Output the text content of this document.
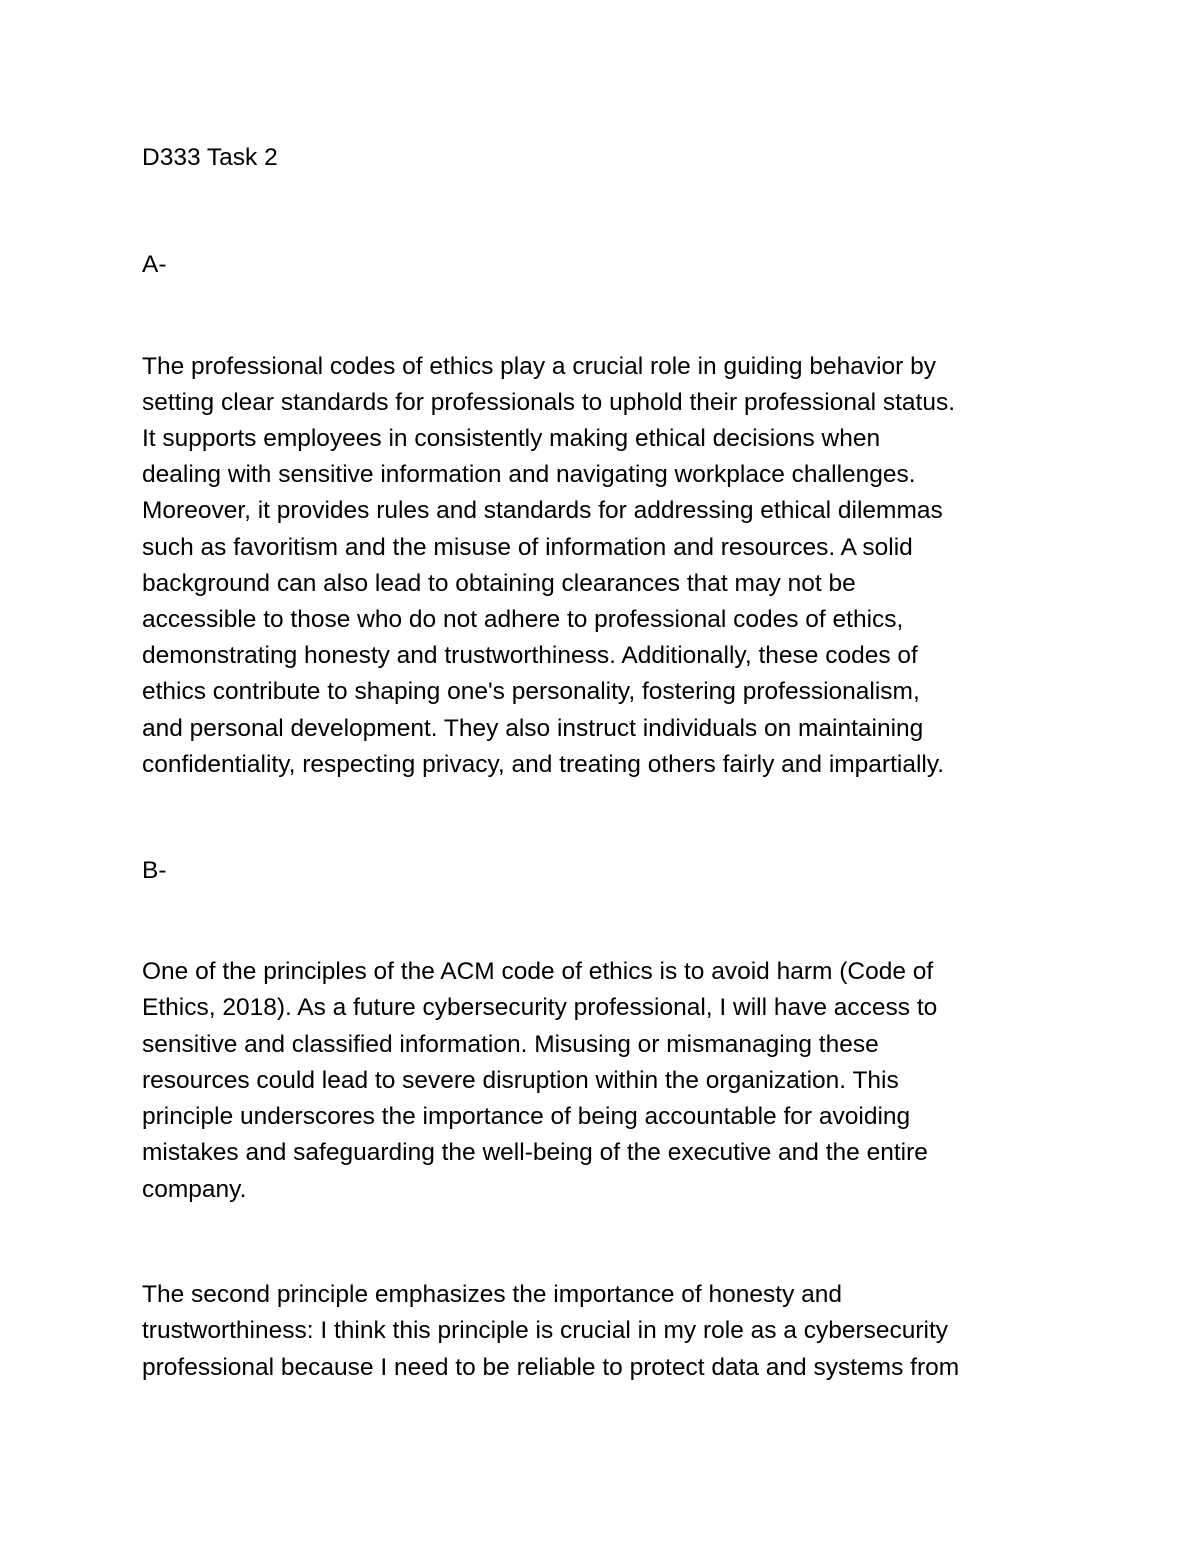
D333 Task 2

A-

The professional codes of ethics play a crucial role in guiding behavior by

setting clear standards for professionals to uphold their professional status.

It supports employees in consistently making ethical decisions when

dealing with sensitive information and navigating workplace challenges.

Moreover, it provides rules and standards for addressing ethical dilemmas

such as favoritism and the misuse of information and resources. A solid

background can also lead to obtaining clearances that may not be

accessible to those who do not adhere to professional codes of ethics,

demonstrating honesty and trustworthiness. Additionally, these codes of

ethics contribute to shaping one's personality, fostering professionalism,

and personal development. They also instruct individuals on maintaining

confidentiality, respecting privacy, and treating others fairly and impartially.

B-

One of the principles of the ACM code of ethics is to avoid harm (Code of

Ethics, 2018). As a future cybersecurity professional, I will have access to

sensitive and classified information. Misusing or mismanaging these

resources could lead to severe disruption within the organization. This

principle underscores the importance of being accountable for avoiding

mistakes and safeguarding the well-being of the executive and the entire

company.

The second principle emphasizes the importance of honesty and

trustworthiness: I think this principle is crucial in my role as a cybersecurity

professional because I need to be reliable to protect data and systems from
